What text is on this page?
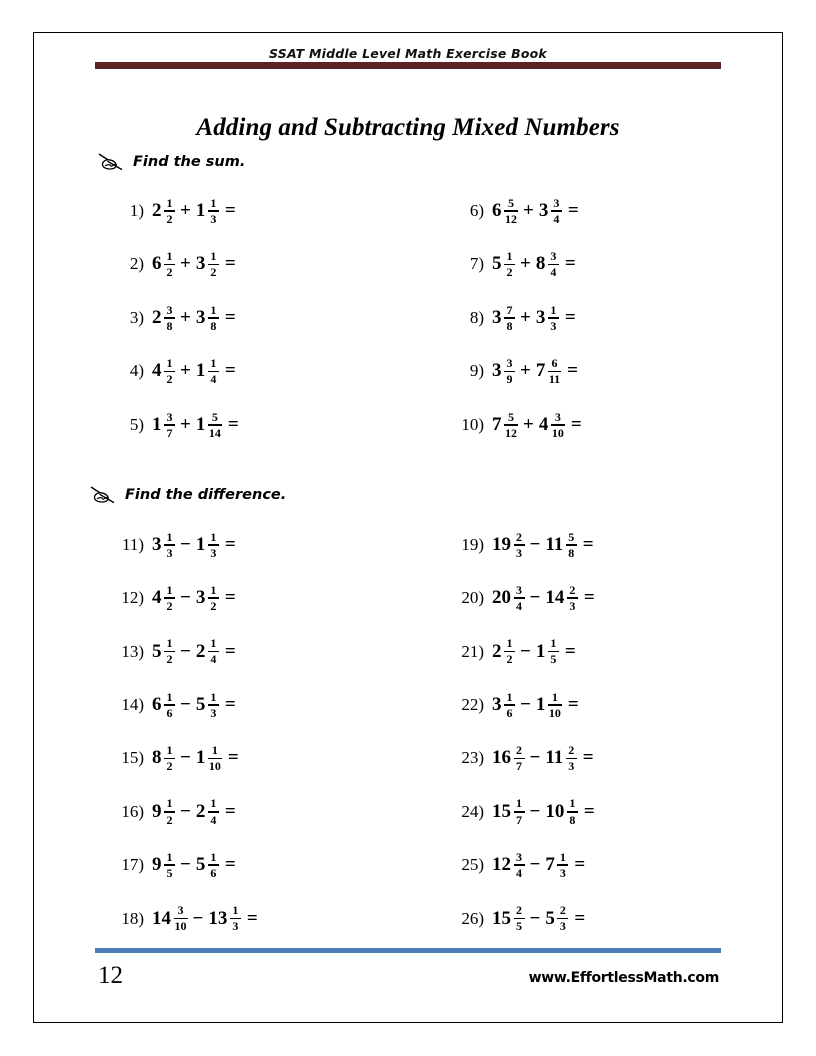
SSAT Middle Level Math Exercise Book
Adding and Subtracting Mixed Numbers
Find the sum.
1) $2 \frac{1}{2} + 1 \frac{1}{3}$ =
2) $6 \frac{1}{2} + 3 \frac{1}{2}$ =
3) $2 \frac{3}{8} + 3 \frac{1}{8}$ =
4) $4 \frac{1}{2} + 1 \frac{1}{4}$ =
5) $1 \frac{3}{7} + 1 \frac{5}{14}$ =
6) $6 \frac{5}{12} + 3 \frac{3}{4}$ =
7) $5 \frac{1}{2} + 8 \frac{3}{4}$ =
8) $3 \frac{7}{8} + 3 \frac{1}{3}$ =
9) $3 \frac{3}{9} + 7 \frac{6}{11}$ =
10) $7 \frac{5}{12} + 4 \frac{3}{10}$ =
Find the difference.
11) $3 \frac{1}{3} - 1 \frac{1}{3}$ =
12) $4 \frac{1}{2} - 3 \frac{1}{2}$ =
13) $5 \frac{1}{2} - 2 \frac{1}{4}$ =
14) $6 \frac{1}{6} - 5 \frac{1}{3}$ =
15) $8 \frac{1}{2} - 1 \frac{1}{10}$ =
16) $9 \frac{1}{2} - 2 \frac{1}{4}$ =
17) $9 \frac{1}{5} - 5 \frac{1}{6}$ =
18) $14 \frac{3}{10} - 13 \frac{1}{3}$ =
19) $19 \frac{2}{3} - 11 \frac{5}{8}$ =
20) $20 \frac{3}{4} - 14 \frac{2}{3}$ =
21) $2 \frac{1}{2} - 1 \frac{1}{5}$ =
22) $3 \frac{1}{6} - 1 \frac{1}{10}$ =
23) $16 \frac{2}{7} - 11 \frac{2}{3}$ =
24) $15 \frac{1}{7} - 10 \frac{1}{8}$ =
25) $12 \frac{3}{4} - 7 \frac{1}{3}$ =
26) $15 \frac{2}{5} - 5 \frac{2}{3}$ =
12	www.EffortlessMath.com
